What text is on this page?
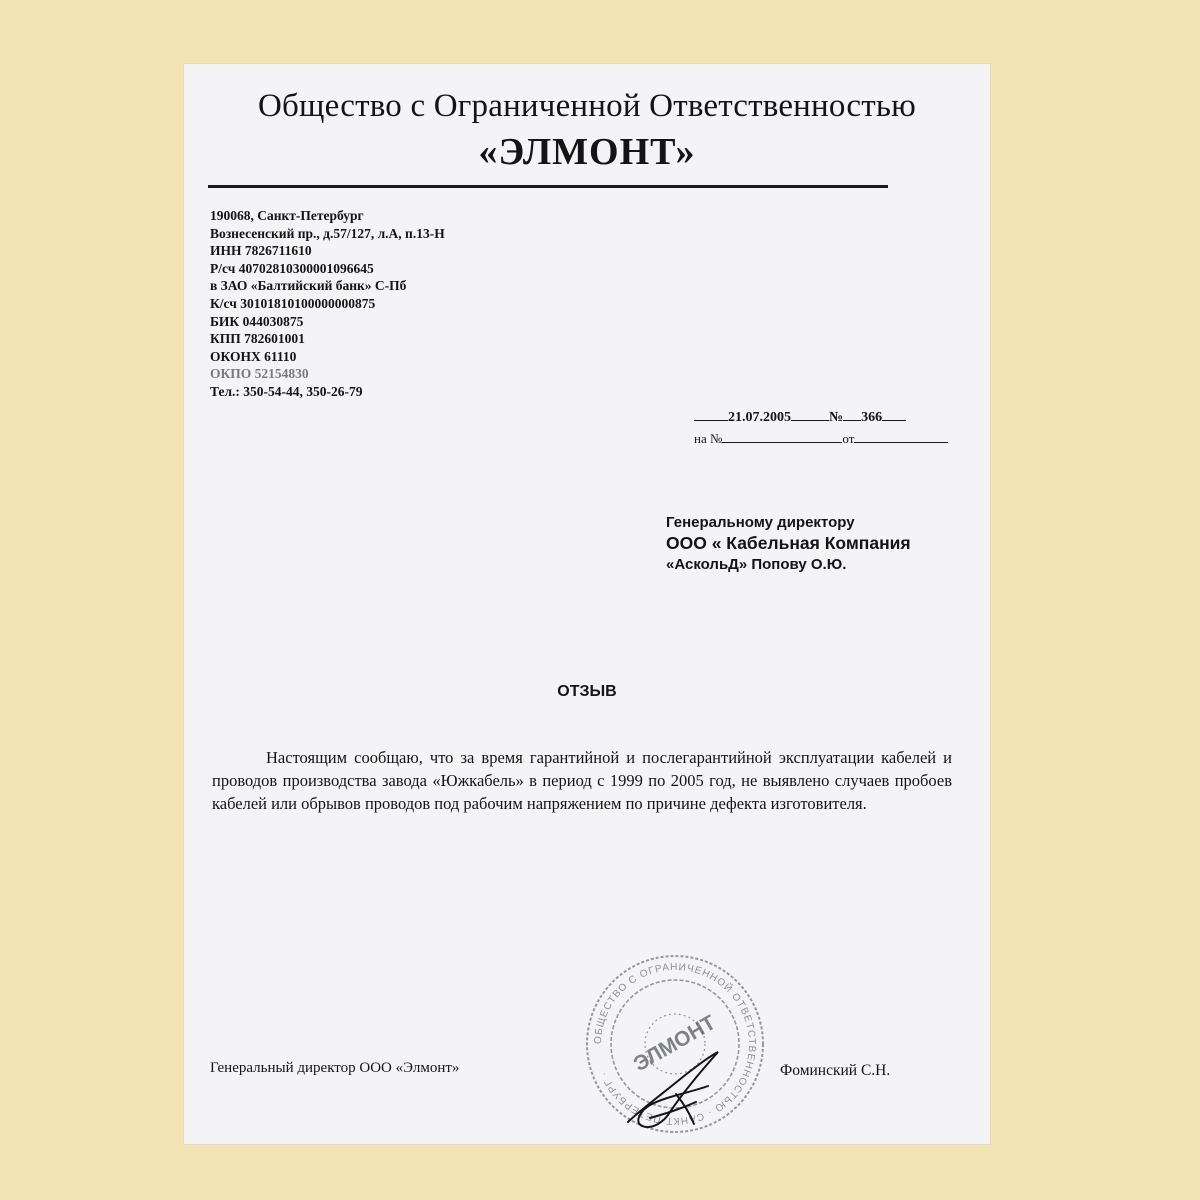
Общество с Ограниченной Ответственностью
«ЭЛМОНТ»
190068, Санкт-Петербург
Вознесенский пр., д.57/127, л.А, п.13-Н
ИНН 7826711610
Р/сч 40702810300001096645
в ЗАО «Балтийский банк» С-Пб
К/сч 30101810100000000875
БИК 044030875
КПП 782601001
ОКОНХ 61110
ОКПО 52154830
Тел.: 350-54-44, 350-26-79
21.07.2005	№ 366
на №	от
Генеральному директору
ООО « Кабельная Компания
«АскольД» Попову О.Ю.
ОТЗЫВ
Настоящим сообщаю, что за время гарантийной и послегарантийной эксплуатации кабелей и проводов производства завода «Южкабель» в период с 1999 по 2005 год, не выявлено случаев пробоев кабелей или обрывов проводов под рабочим напряжением по причине дефекта изготовителя.
Генеральный директор ООО «Элмонт»	Фоминский С.Н.
ОБЩЕСТВО С ОГРАНИЧЕННОЙ ОТВЕТСТВЕННОСТЬЮ · САНКТ-ПЕТЕРБУРГ · ЭЛМОНТ
